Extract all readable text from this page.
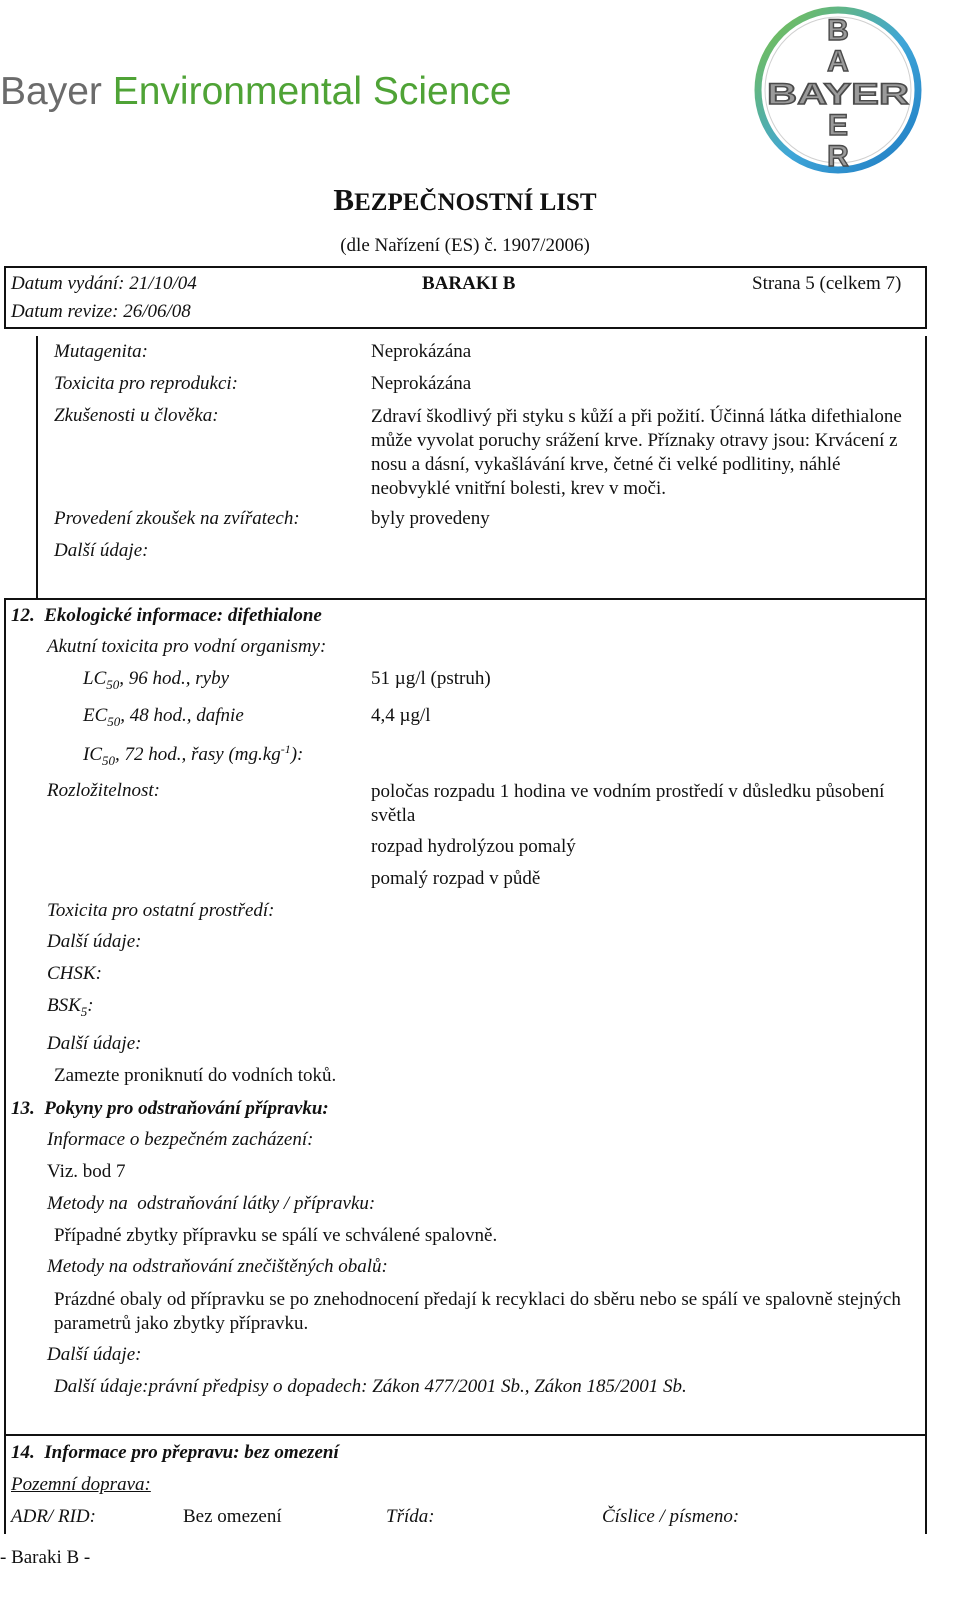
Bayer Environmental Science
B
A
BAYER
E
R
BEZPEČNOSTNÍ LIST
(dle Nařízení (ES) č. 1907/2006)
Datum vydání: 21/10/04
Datum revize: 26/06/08
BARAKI B	Strana 5 (celkem 7)
Mutagenita:	Neprokázána
Toxicita pro reprodukci:	Neprokázána
Zkušenosti u člověka:	Zdraví škodlivý při styku s kůží a při požití. Účinná látka difethialone může vyvolat poruchy srážení krve. Příznaky otravy jsou: Krvácení z nosu a dásní, vykašlávání krve, četné či velké podlitiny, náhlé neobvyklé vnitřní bolesti, krev v moči.
Provedení zkoušek na zvířatech:	byly provedeny
Další údaje:
12. Ekologické informace: difethialone
Akutní toxicita pro vodní organismy:
$LC_{50}$, 96 hod., ryby	51 µg/l (pstruh)
$EC_{50}$, 48 hod., dafnie	4,4 µg/l
$IC_{50}$, 72 hod., řasy $(mg.kg^{-1})$:
Rozložitelnost:	poločas rozpadu 1 hodina ve vodním prostředí v důsledku působení světla
rozpad hydrolýzou pomalý
pomalý rozpad v půdě
Toxicita pro ostatní prostředí:
Další údaje:
CHSK:
$BSK_5$:
Další údaje:
Zamezte proniknutí do vodních toků.
13. Pokyny pro odstraňování přípravku:
Informace o bezpečném zacházení:
Viz. bod 7
Metody na  odstraňování látky / přípravku:
Případné zbytky přípravku se spálí ve schválené spalovně.
Metody na odstraňování znečištěných obalů:
Prázdné obaly od přípravku se po znehodnocení předají k recyklaci do sběru nebo se spálí ve spalovně stejných parametrů jako zbytky přípravku.
Další údaje:
Další údaje:právní předpisy o dopadech: Zákon 477/2001 Sb., Zákon 185/2001 Sb.
14. Informace pro přepravu: bez omezení
Pozemní doprava:
ADR/ RID:	Bez omezení	Třída:	Číslice / písmeno:
- Baraki B -
